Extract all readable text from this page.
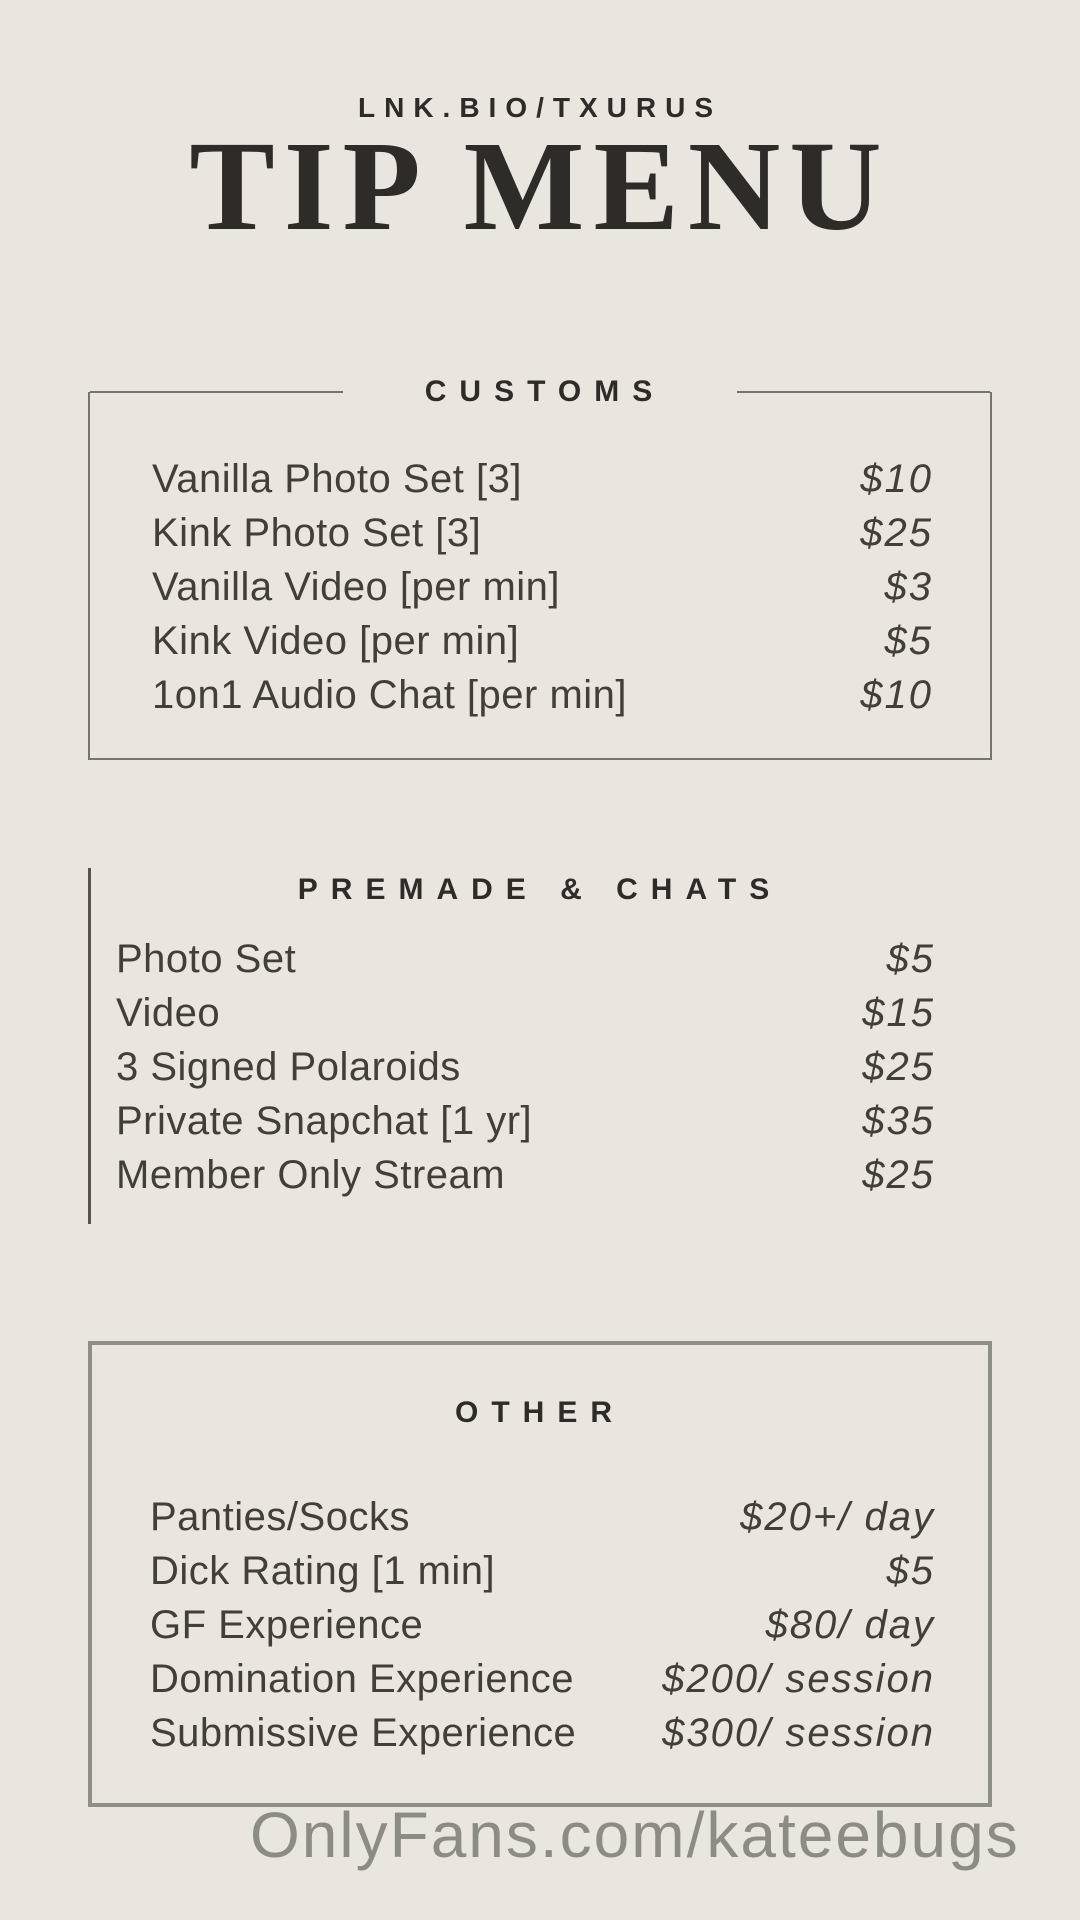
LNK.BIO/TXURUS
TIP MENU
CUSTOMS
Vanilla Photo Set [3]	$10
Kink Photo Set [3]	$25
Vanilla Video [per min]	$3
Kink Video [per min]	$5
1on1 Audio Chat [per min]	$10
PREMADE & CHATS
Photo Set	$5
Video	$15
3 Signed Polaroids	$25
Private Snapchat [1 yr]	$35
Member Only Stream	$25
OTHER
Panties/Socks	$20+/ day
Dick Rating [1 min]	$5
GF Experience	$80/ day
Domination Experience $200/ session
Submissive Experience $300/ session
OnlyFans.com/kateebugs
